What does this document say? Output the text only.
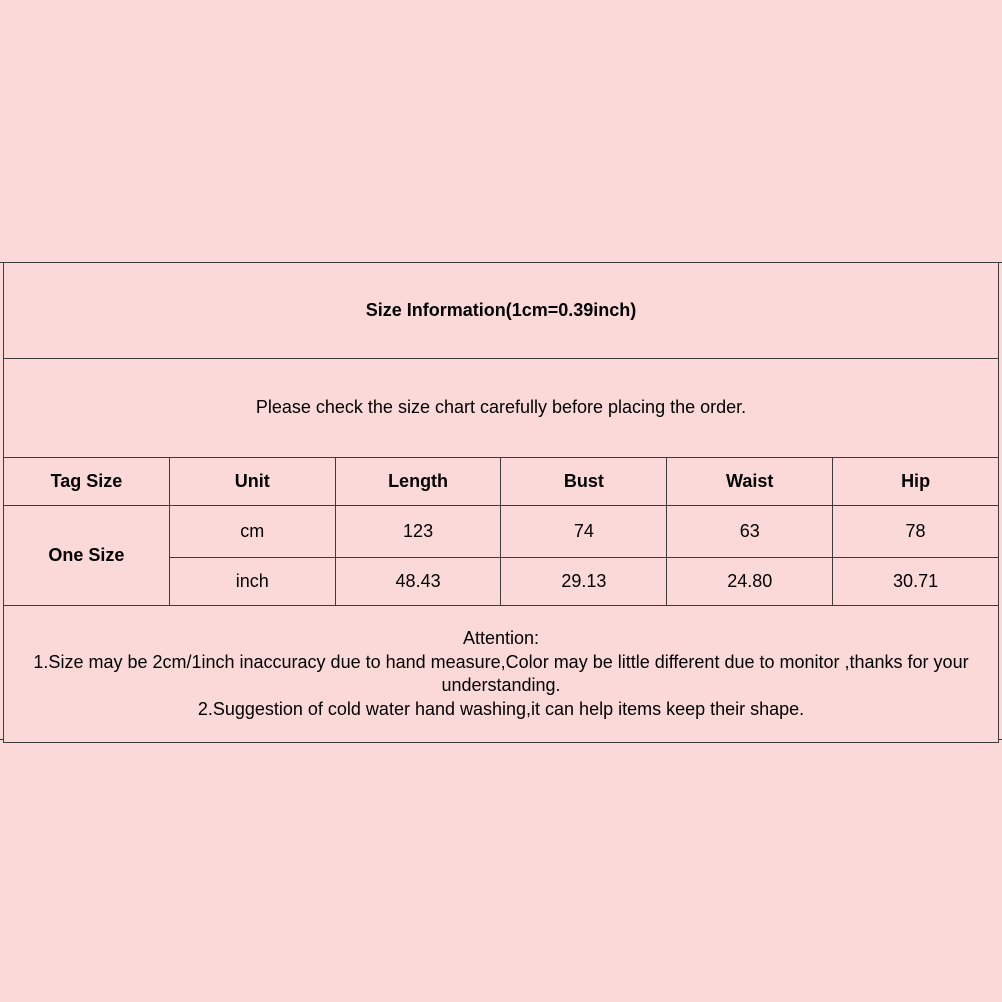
Size Information(1cm=0.39inch)					
Please check the size chart carefully before placing the order.					
Tag Size	Unit	Length	Bust	Waist	Hip
One Size	cm	123	74	63	78
	inch	48.43	29.13	24.80	30.71

Attention:
1.Size may be 2cm/1inch inaccuracy due to hand measure,Color may be little different due to monitor ,thanks for your
understanding.
2.Suggestion of cold water hand washing,it can help items keep their shape.					
